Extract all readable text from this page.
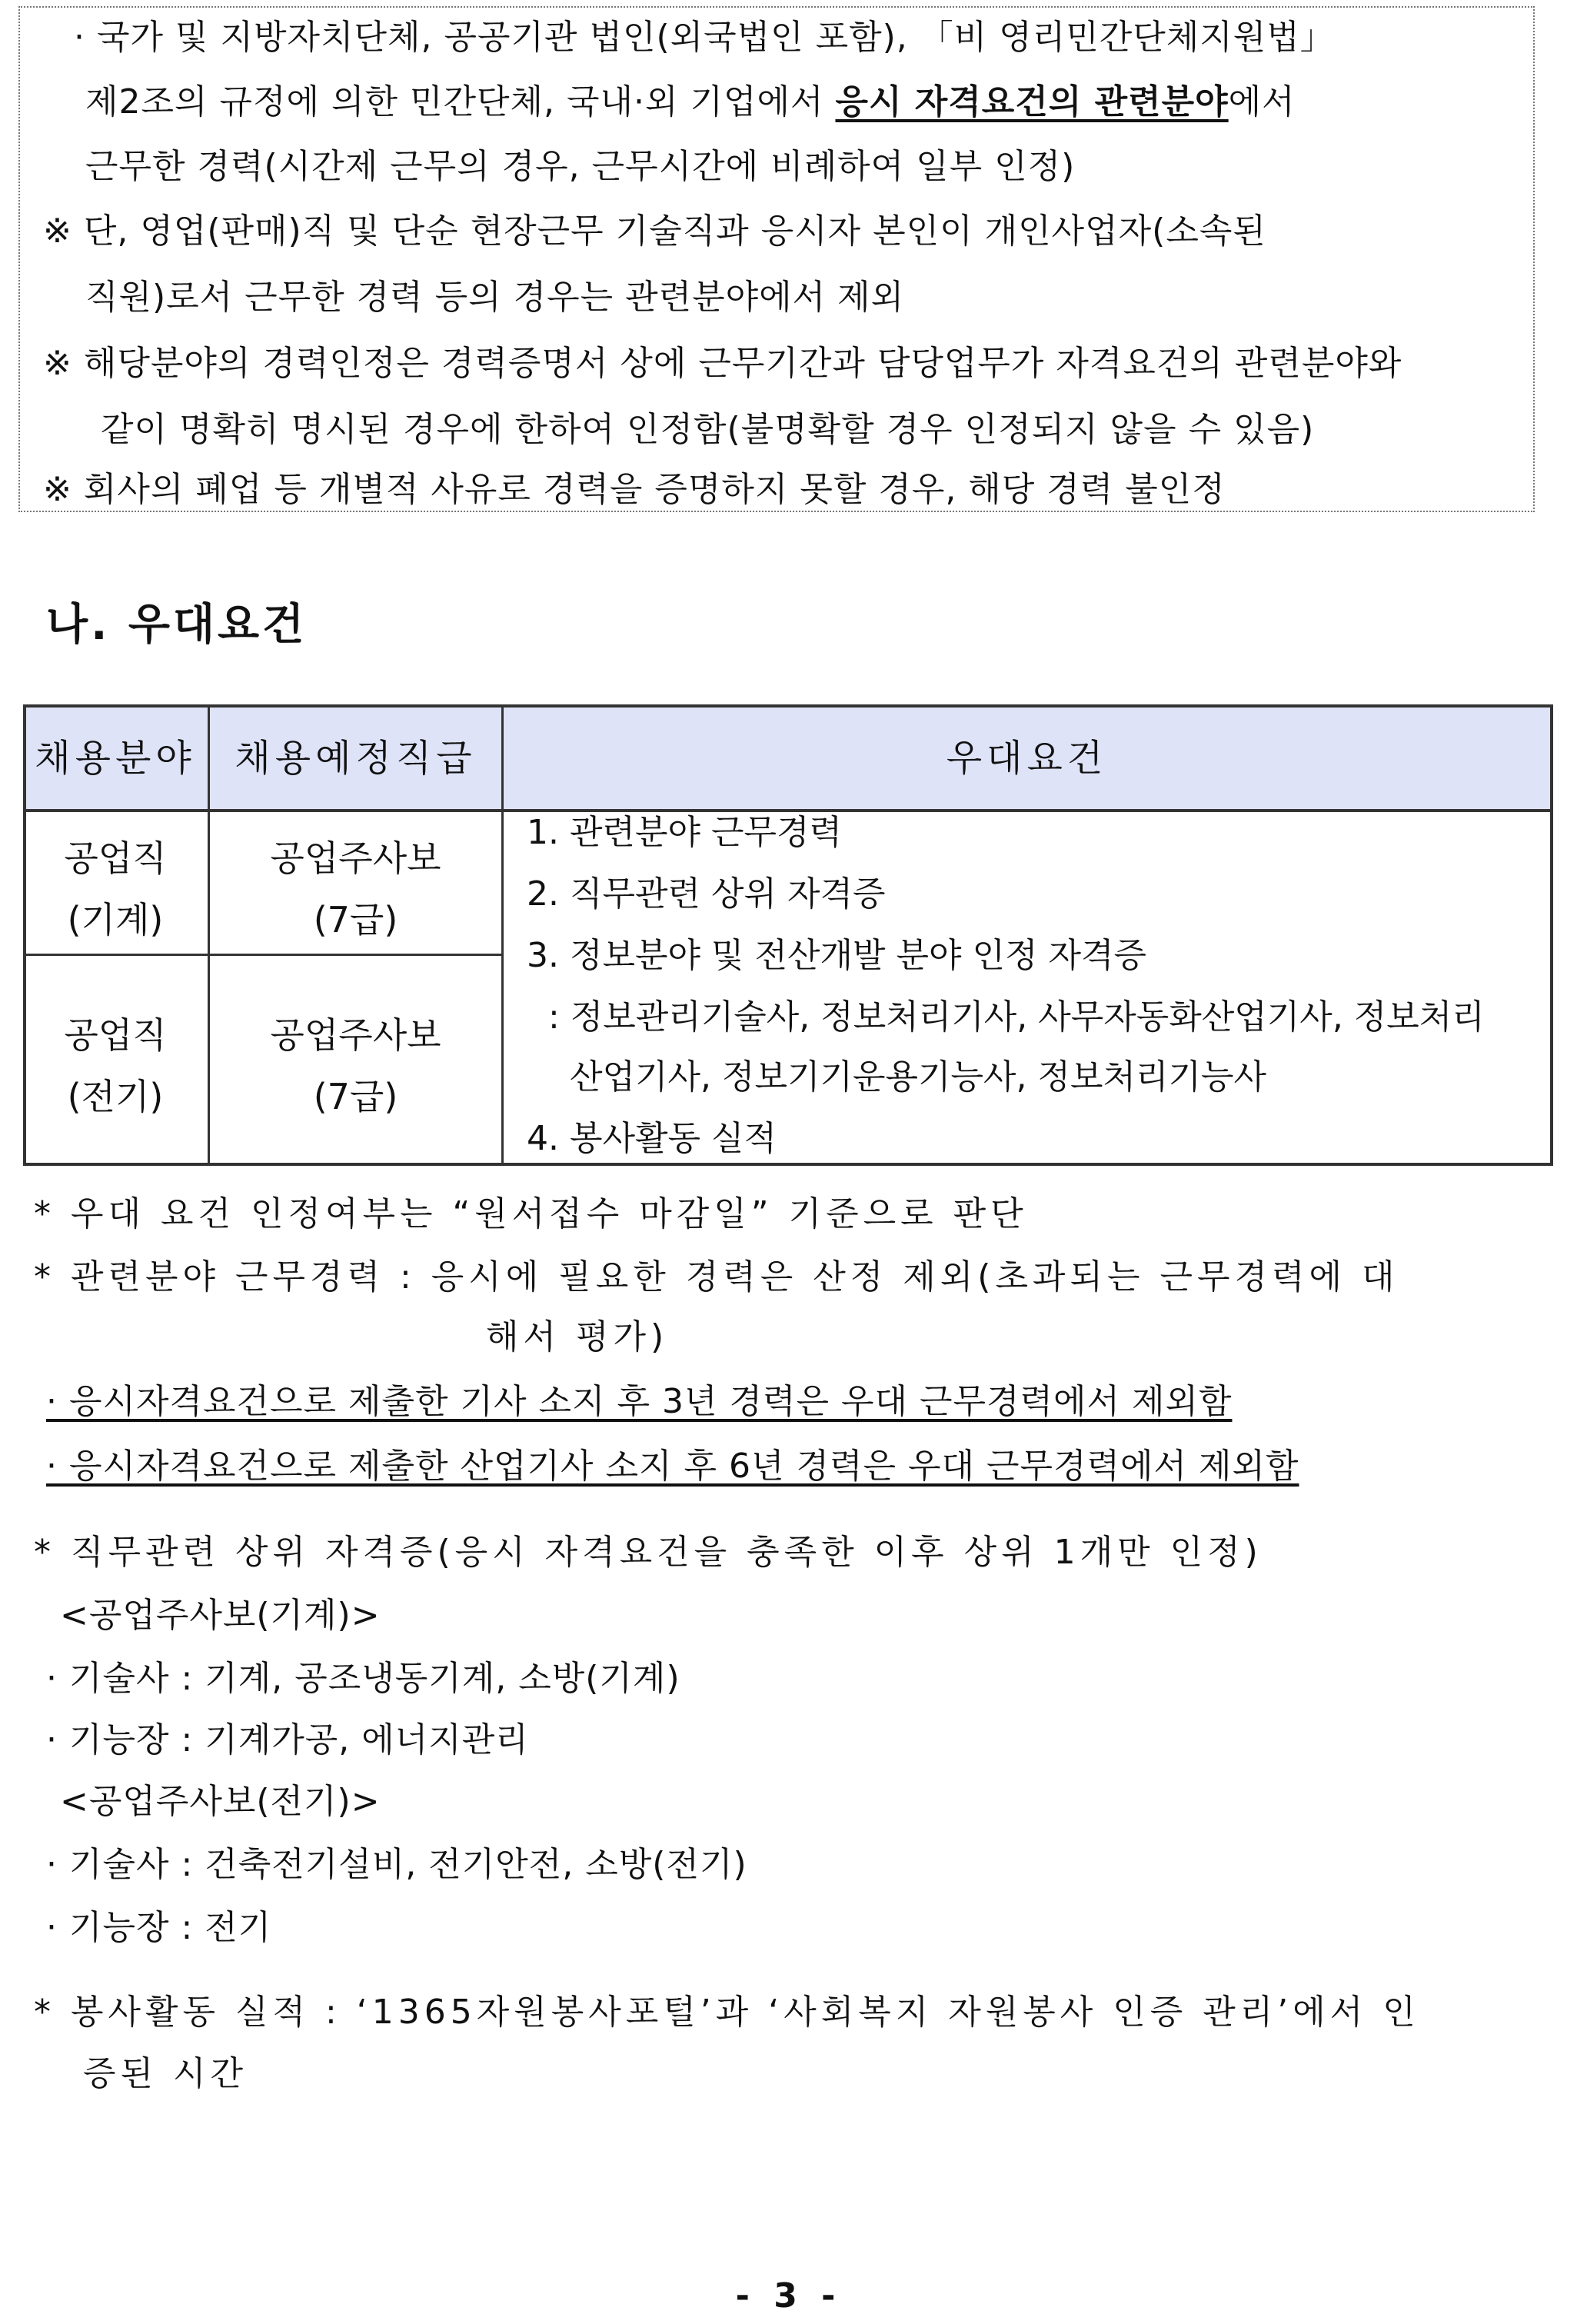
· 국가 및 지방자치단체, 공공기관 법인(외국법인 포함), 「비 영리민간단체지원법」
제2조의 규정에 의한 민간단체, 국내·외 기업에서 응시 자격요건의 관련분야에서
근무한 경력(시간제 근무의 경우, 근무시간에 비례하여 일부 인정)
※ 단, 영업(판매)직 및 단순 현장근무 기술직과 응시자 본인이 개인사업자(소속된
직원)로서 근무한 경력 등의 경우는 관련분야에서 제외
※ 해당분야의 경력인정은 경력증명서 상에 근무기간과 담당업무가 자격요건의 관련분야와
같이 명확히 명시된 경우에 한하여 인정함(불명확할 경우 인정되지 않을 수 있음)
※ 회사의 폐업 등 개별적 사유로 경력을 증명하지 못할 경우, 해당 경력 불인정
나. 우대요건
채용분야	채용예정직급	우대요건
공업직
(기계)
공업주사보
(7급)
공업직
(전기)
공업주사보
(7급)
1. 관련분야 근무경력
2. 직무관련 상위 자격증
3. 정보분야 및 전산개발 분야 인정 자격증
: 정보관리기술사, 정보처리기사, 사무자동화산업기사, 정보처리
산업기사, 정보기기운용기능사, 정보처리기능사
4. 봉사활동 실적
* 우대 요건 인정여부는 “원서접수 마감일” 기준으로 판단
* 관련분야 근무경력 : 응시에 필요한 경력은 산정 제외(초과되는 근무경력에 대
해서 평가)
· 응시자격요건으로 제출한 기사 소지 후 3년 경력은 우대 근무경력에서 제외함
· 응시자격요건으로 제출한 산업기사 소지 후 6년 경력은 우대 근무경력에서 제외함
* 직무관련 상위 자격증(응시 자격요건을 충족한 이후 상위 1개만 인정)
<공업주사보(기계)>
· 기술사 : 기계, 공조냉동기계, 소방(기계)
· 기능장 : 기계가공, 에너지관리
<공업주사보(전기)>
· 기술사 : 건축전기설비, 전기안전, 소방(전기)
· 기능장 : 전기
* 봉사활동 실적 : ‘1365자원봉사포털’과 ‘사회복지 자원봉사 인증 관리’에서 인
증된 시간
- 3 -
